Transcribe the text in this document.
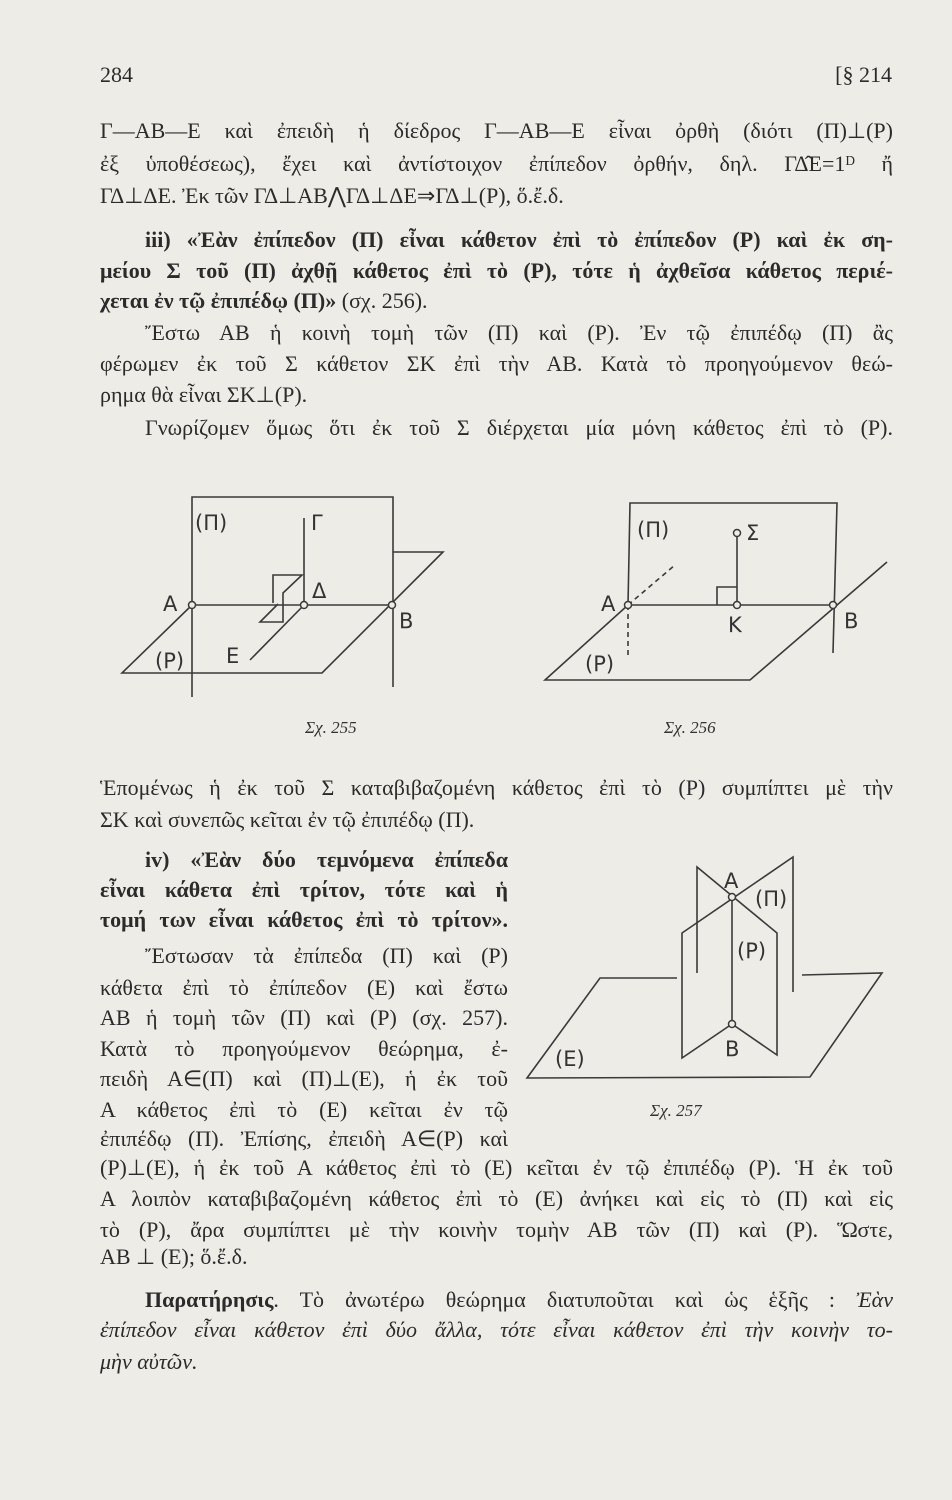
284	[§ 214
Γ—ΑΒ—Ε καὶ ἐπειδὴ ἡ δίεδρος Γ—ΑΒ—Ε εἶναι ὀρθὴ (διότι (Π)⊥(Ρ)
ἐξ ὑποθέσεως), ἔχει καὶ ἀντίστοιχον ἐπίπεδον ὀρθήν, δηλ. ΓΔ̂Ε=1ᴰ ἤ
ΓΔ⊥ΔΕ. Ἐκ τῶν ΓΔ⊥ΑΒ⋀ΓΔ⊥ΔΕ⇒ΓΔ⊥(Ρ), ὅ.ἔ.δ.
iii) «Ἐὰν ἐπίπεδον (Π) εἶναι κάθετον ἐπὶ τὸ ἐπίπεδον (Ρ) καὶ ἐκ ση-
μείου Σ τοῦ (Π) ἀχθῇ κάθετος ἐπὶ τὸ (Ρ), τότε ἡ ἀχθεῖσα κάθετος περιέ-
χεται ἐν τῷ ἐπιπέδῳ (Π)» (σχ. 256).
Ἔστω ΑΒ ἡ κοινὴ τομὴ τῶν (Π) καὶ (Ρ). Ἐν τῷ ἐπιπέδῳ (Π) ἂς
φέρωμεν ἐκ τοῦ Σ κάθετον ΣΚ ἐπὶ τὴν ΑΒ. Κατὰ τὸ προηγούμενον θεώ-
ρημα θὰ εἶναι ΣΚ⊥(Ρ).
Γνωρίζομεν ὅμως ὅτι ἐκ τοῦ Σ διέρχεται μία μόνη κάθετος ἐπὶ τὸ (Ρ).
Ἑπομένως ἡ ἐκ τοῦ Σ καταβιβαζομένη κάθετος ἐπὶ τὸ (Ρ) συμπίπτει μὲ τὴν
ΣΚ καὶ συνεπῶς κεῖται ἐν τῷ ἐπιπέδῳ (Π).
iv) «Ἐὰν δύο τεμνόμενα ἐπίπεδα
εἶναι κάθετα ἐπὶ τρίτον, τότε καὶ ἡ
τομή των εἶναι κάθετος ἐπὶ τὸ τρίτον».
Ἔστωσαν τὰ ἐπίπεδα (Π) καὶ (Ρ)
κάθετα ἐπὶ τὸ ἐπίπεδον (Ε) καὶ ἔστω
ΑΒ ἡ τομὴ τῶν (Π) καὶ (Ρ) (σχ. 257).
Κατὰ τὸ προηγούμενον θεώρημα, ἐ-
πειδὴ Α∈(Π) καὶ (Π)⊥(Ε), ἡ ἐκ τοῦ
Α κάθετος ἐπὶ τὸ (Ε) κεῖται ἐν τῷ
ἐπιπέδῳ (Π). Ἐπίσης, ἐπειδὴ Α∈(Ρ) καὶ
(Ρ)⊥(Ε), ἡ ἐκ τοῦ Α κάθετος ἐπὶ τὸ (Ε) κεῖται ἐν τῷ ἐπιπέδῳ (Ρ). Ἡ ἐκ τοῦ
Α λοιπὸν καταβιβαζομένη κάθετος ἐπὶ τὸ (Ε) ἀνήκει καὶ εἰς τὸ (Π) καὶ εἰς
τὸ (Ρ), ἄρα συμπίπτει μὲ τὴν κοινὴν τομὴν ΑΒ τῶν (Π) καὶ (Ρ). Ὥστε,
ΑΒ ⊥ (Ε); ὅ.ἔ.δ.
Παρατήρησις. Τὸ ἀνωτέρω θεώρημα διατυποῦται καὶ ὡς ἑξῆς : Ἐὰν
ἐπίπεδον εἶναι κάθετον ἐπὶ δύο ἄλλα, τότε εἶναι κάθετον ἐπὶ τὴν κοινὴν το-
μὴν αὐτῶν.
(Π)	Γ
Δ
Α
Β
(Ρ) Ε
Σχ. 255
(Π)	Σ
Α
Κ	Β
(Ρ)
Σχ. 256
Α
(Π)
(Ρ)
Β
(Ε)
Σχ. 257
